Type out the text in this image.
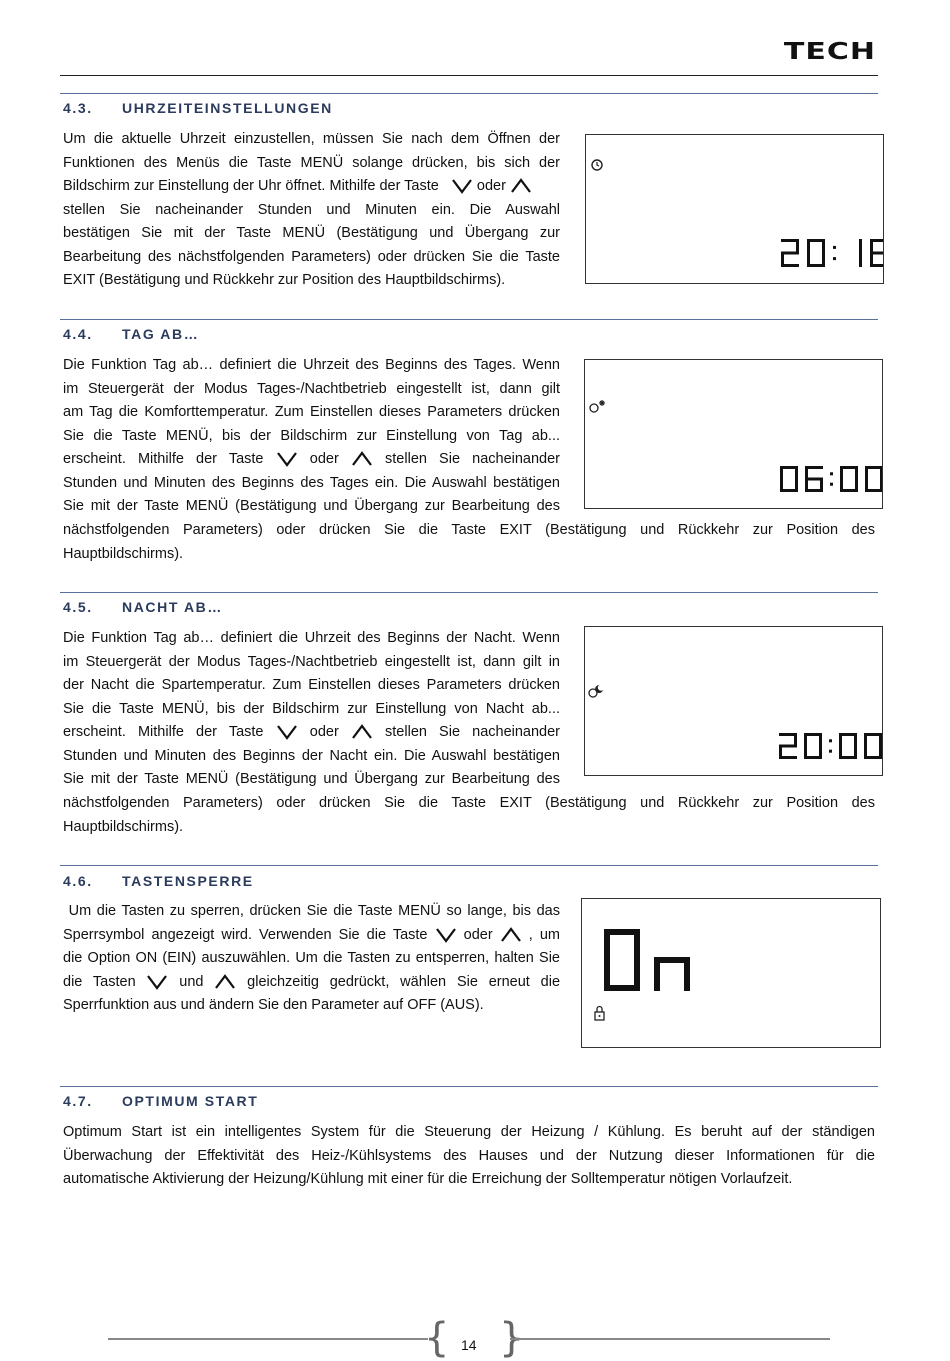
TECH
4.3.	UHRZEITEINSTELLUNGEN
Um die aktuelle Uhrzeit einzustellen, müssen Sie nach dem Öffnen der
Funktionen des Menüs die Taste MENÜ solange drücken, bis sich der
Bildschirm zur Einstellung der Uhr öffnet. Mithilfe der Taste	oder
stellen Sie nacheinander Stunden und Minuten ein. Die Auswahl
bestätigen Sie mit der Taste MENÜ (Bestätigung und Übergang zur
Bearbeitung des nächstfolgenden Parameters) oder drücken Sie die Taste
EXIT (Bestätigung und Rückkehr zur Position des Hauptbildschirms).
4.4.	TAG AB…
Die Funktion Tag ab… definiert die Uhrzeit des Beginns des Tages. Wenn
im Steuergerät der Modus Tages-/Nachtbetrieb eingestellt ist, dann gilt
am Tag die Komforttemperatur. Zum Einstellen dieses Parameters drücken
Sie die Taste MENÜ, bis der Bildschirm zur Einstellung von Tag ab...
erscheint. Mithilfe der Taste	oder	stellen Sie nacheinander
Stunden und Minuten des Beginns des Tages ein. Die Auswahl bestätigen
Sie mit der Taste MENÜ (Bestätigung und Übergang zur Bearbeitung des
nächstfolgenden Parameters) oder drücken Sie die Taste EXIT (Bestätigung und Rückkehr zur Position des
Hauptbildschirms).
4.5.	NACHT AB…
Die Funktion Tag ab… definiert die Uhrzeit des Beginns der Nacht. Wenn
im Steuergerät der Modus Tages-/Nachtbetrieb eingestellt ist, dann gilt in
der Nacht die Spartemperatur. Zum Einstellen dieses Parameters drücken
Sie die Taste MENÜ, bis der Bildschirm zur Einstellung von Nacht ab...
erscheint. Mithilfe der Taste	oder	stellen Sie nacheinander
Stunden und Minuten des Beginns der Nacht ein. Die Auswahl bestätigen
Sie mit der Taste MENÜ (Bestätigung und Übergang zur Bearbeitung des
nächstfolgenden Parameters) oder drücken Sie die Taste EXIT (Bestätigung und Rückkehr zur Position des
Hauptbildschirms).
4.6.	TASTENSPERRE
Um die Tasten zu sperren, drücken Sie die Taste MENÜ so lange, bis das
Sperrsymbol angezeigt wird. Verwenden Sie die Taste oder , um
die Option ON (EIN) auszuwählen. Um die Tasten zu entsperren, halten Sie
die Tasten	und	gleichzeitig gedrückt, wählen Sie erneut die
Sperrfunktion aus und ändern Sie den Parameter auf OFF (AUS).
4.7.	OPTIMUM START
Optimum Start ist ein intelligentes System für die Steuerung der Heizung / Kühlung. Es beruht auf der ständigen
Überwachung der Effektivität des Heiz-/Kühlsystems des Hauses und der Nutzung dieser Informationen für die
automatische Aktivierung der Heizung/Kühlung mit einer für die Erreichung der Solltemperatur nötigen Vorlaufzeit.
{ 14 }
